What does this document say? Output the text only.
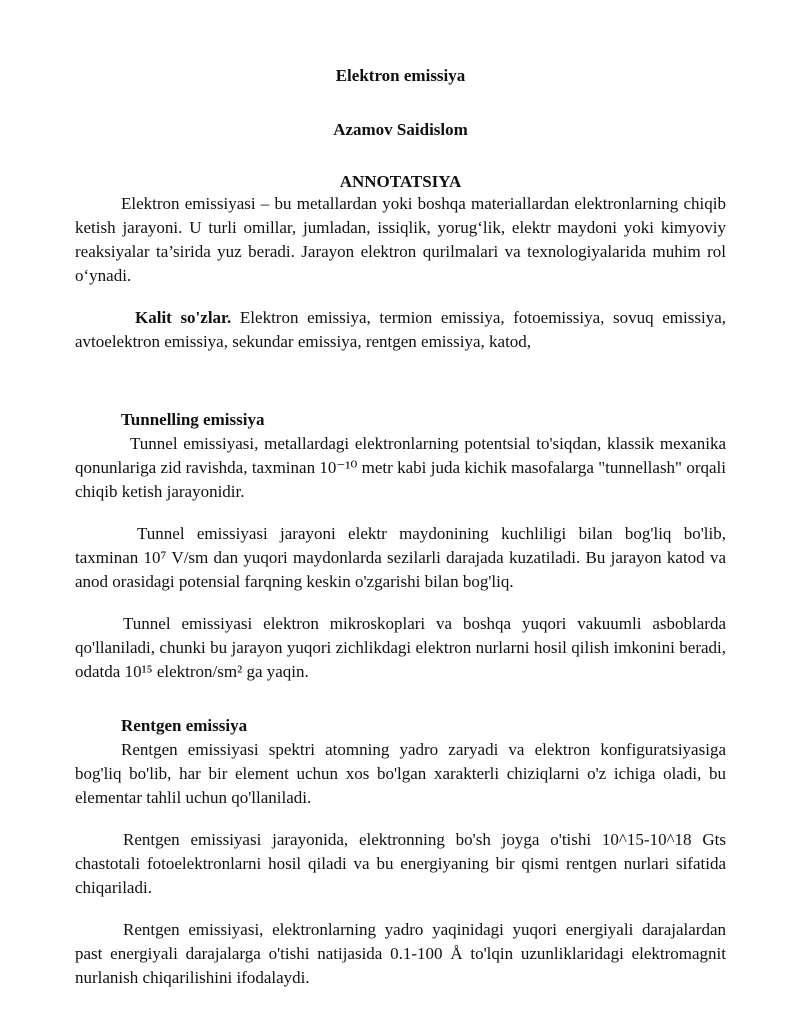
Elektron emissiya
Azamov Saidislom
ANNOTATSIYA

Elektron emissiyasi – bu metallardan yoki boshqa materiallardan elektronlarning chiqib ketish jarayoni. U turli omillar, jumladan, issiqlik, yorug‘lik, elektr maydoni yoki kimyoviy reaksiyalar ta’sirida yuz beradi. Jarayon elektron qurilmalari va texnologiyalarida muhim rol o‘ynadi.

Kalit so'zlar. Elektron emissiya, termion emissiya, fotoemissiya, sovuq emissiya, avtoelektron emissiya, sekundar emissiya, rentgen emissiya, katod,

Tunnelling emissiya

Tunnel emissiyasi, metallardagi elektronlarning potentsial to'siqdan, klassik mexanika qonunlariga zid ravishda, taxminan 10⁻¹⁰ metr kabi juda kichik masofalarga "tunnellash" orqali chiqib ketish jarayonidir.

Tunnel emissiyasi jarayoni elektr maydonining kuchliligi bilan bog'liq bo'lib, taxminan 10⁷ V/sm dan yuqori maydonlarda sezilarli darajada kuzatiladi. Bu jarayon katod va anod orasidagi potensial farqning keskin o'zgarishi bilan bog'liq.

Tunnel emissiyasi elektron mikroskoplari va boshqa yuqori vakuumli asboblarda qo'llaniladi, chunki bu jarayon yuqori zichlikdagi elektron nurlarni hosil qilish imkonini beradi, odatda 10¹⁵ elektron/sm² ga yaqin.

Rentgen emissiya

Rentgen emissiyasi spektri atomning yadro zaryadi va elektron konfiguratsiyasiga bog'liq bo'lib, har bir element uchun xos bo'lgan xarakterli chiziqlarni o'z ichiga oladi, bu elementar tahlil uchun qo'llaniladi.

Rentgen emissiyasi jarayonida, elektronning bo'sh joyga o'tishi 10^15-10^18 Gts chastotali fotoelektronlarni hosil qiladi va bu energiyaning bir qismi rentgen nurlari sifatida chiqariladi.

Rentgen emissiyasi, elektronlarning yadro yaqinidagi yuqori energiyali darajalardan past energiyali darajalarga o'tishi natijasida 0.1-100 Å to'lqin uzunliklaridagi elektromagnit nurlanish chiqarilishini ifodalaydi.
